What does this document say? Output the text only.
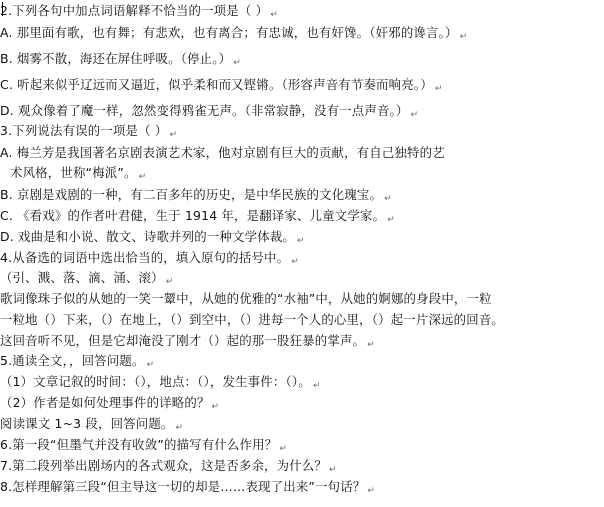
2.下列各句中加点词语解释不恰当的一项是（ ） ↵
A. 那里面有歌，也有舞；有悲欢，也有离合；有忠诚，也有奸馋。（奸邪的谗言。） ↵
B. 烟雾不散，海还在屏住呼吸。（停止。） ↵
C. 听起来似乎辽远而又逼近，似乎柔和而又铿锵。（形容声音有节奏而响亮。） ↵
D. 观众像着了魔一样，忽然变得鸦雀无声。（非常寂静，没有一点声音。） ↵
3.下列说法有误的一项是（ ） ↵
A. 梅兰芳是我国著名京剧表演艺术家，他对京剧有巨大的贡献，有自己独特的艺
术风格，世称“梅派”。 ↵
B. 京剧是戏剧的一种，有二百多年的历史，是中华民族的文化瑰宝。 ↵
C. 《看戏》的作者叶君健，生于 1914 年，是翻译家、儿童文学家。 ↵
D. 戏曲是和小说、散文、诗歌并列的一种文学体裁。 ↵
4.从备选的词语中选出恰当的，填入原句的括号中。 ↵
（引、溅、落、滴、涌、滚） ↵
歌词像珠子似的从她的一笑一颦中，从她的优雅的“水袖”中，从她的婀娜的身段中，一粒
一粒地（）下来，（）在地上，（）到空中，（）进每一个人的心里，（）起一片深远的回音。
这回音听不见，但是它却淹没了刚才（）起的那一股狂暴的掌声。 ↵
5.通读全文，，回答问题。 ↵
（1）文章记叙的时间：（），地点：（），发生事件：（）。 ↵
（2）作者是如何处理事件的详略的？ ↵
阅读课文 1~3 段，回答问题。 ↵
6.第一段“但墨气并没有收敛”的描写有什么作用？ ↵
7.第二段列举出剧场内的各式观众，这是否多余，为什么？ ↵
8.怎样理解第三段“但主导这一切的却是……表现了出来”一句话？ ↵
